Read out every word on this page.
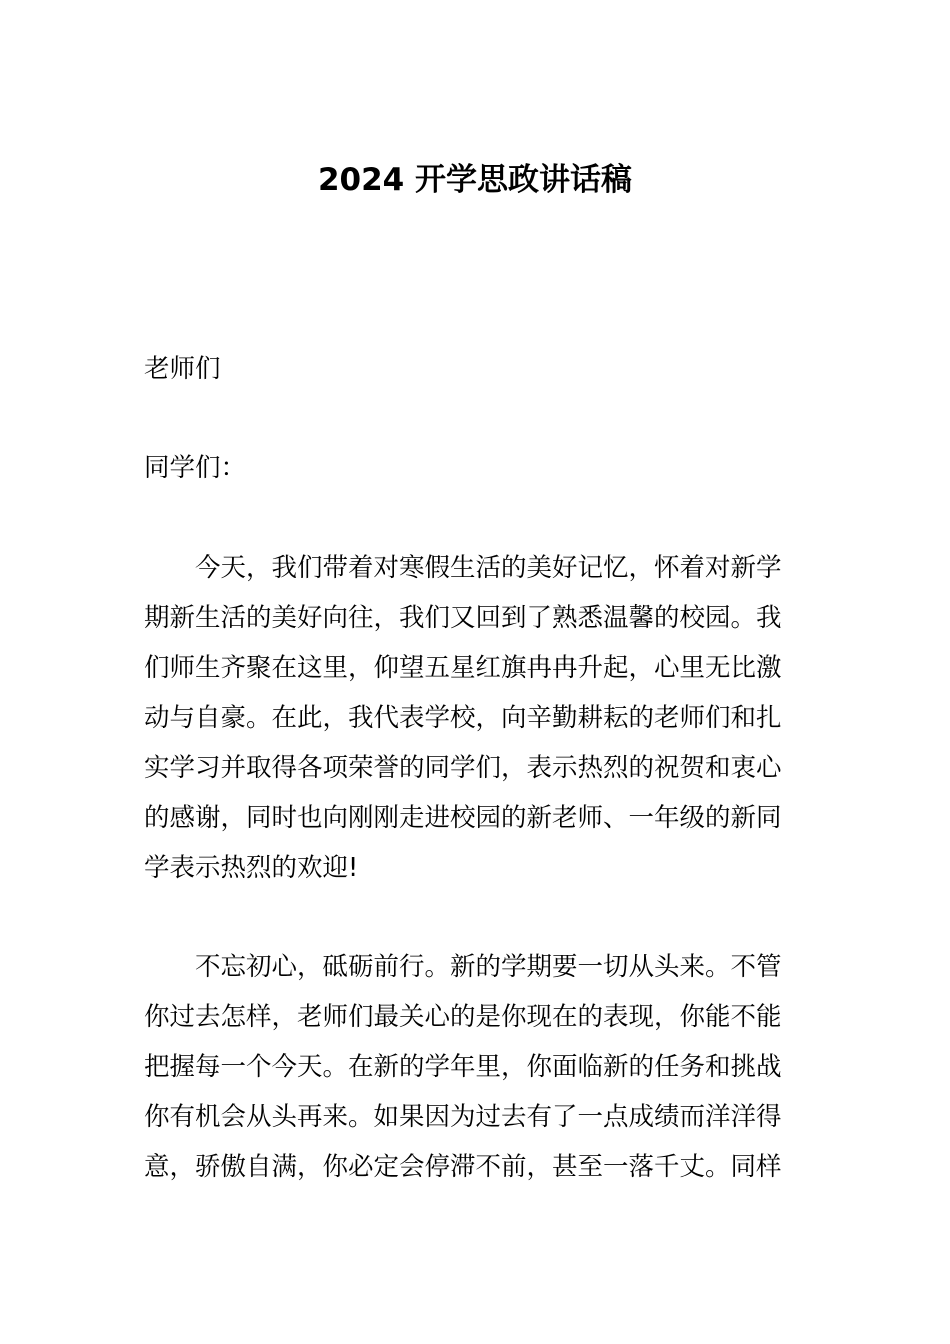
2024 开学思政讲话稿
老师们
同学们：
今天，我们带着对寒假生活的美好记忆，怀着对新学
期新生活的美好向往，我们又回到了熟悉温馨的校园。我
们师生齐聚在这里，仰望五星红旗冉冉升起，心里无比激
动与自豪。在此，我代表学校，向辛勤耕耘的老师们和扎
实学习并取得各项荣誉的同学们，表示热烈的祝贺和衷心
的感谢，同时也向刚刚走进校园的新老师、一年级的新同
学表示热烈的欢迎!
不忘初心，砥砺前行。新的学期要一切从头来。不管
你过去怎样，老师们最关心的是你现在的表现，你能不能
把握每一个今天。在新的学年里，你面临新的任务和挑战
你有机会从头再来。如果因为过去有了一点成绩而洋洋得
意，骄傲自满，你必定会停滞不前，甚至一落千丈。同样
